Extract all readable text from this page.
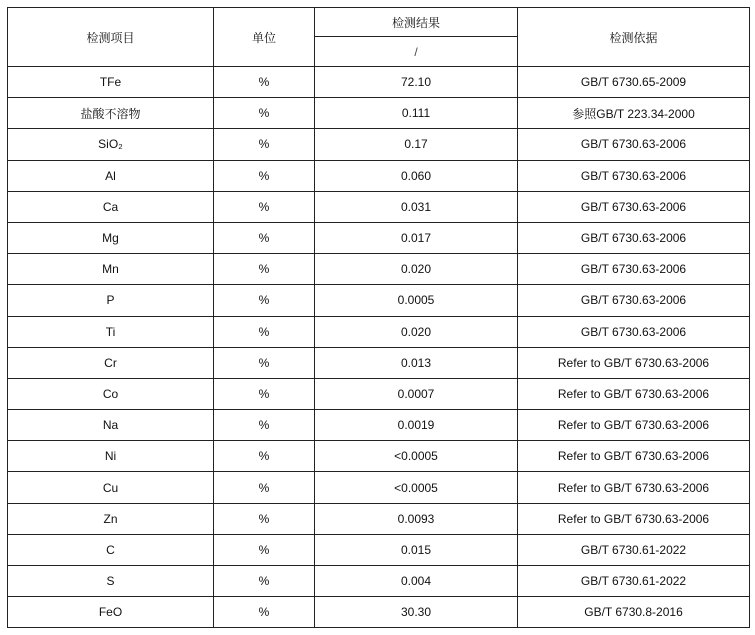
检测项目	单位	检测结果	检测依据
		/	
TFe	%	72.10	GB/T 6730.65-2009
盐酸不溶物	%	0.111	参照GB/T 223.34-2000
SiO₂	%	0.17	GB/T 6730.63-2006
Al	%	0.060	GB/T 6730.63-2006
Ca	%	0.031	GB/T 6730.63-2006
Mg	%	0.017	GB/T 6730.63-2006
Mn	%	0.020	GB/T 6730.63-2006
P	%	0.0005	GB/T 6730.63-2006
Ti	%	0.020	GB/T 6730.63-2006
Cr	%	0.013	Refer to GB/T 6730.63-2006
Co	%	0.0007	Refer to GB/T 6730.63-2006
Na	%	0.0019	Refer to GB/T 6730.63-2006
Ni	%	<0.0005	Refer to GB/T 6730.63-2006
Cu	%	<0.0005	Refer to GB/T 6730.63-2006
Zn	%	0.0093	Refer to GB/T 6730.63-2006
C	%	0.015	GB/T 6730.61-2022
S	%	0.004	GB/T 6730.61-2022
FeO	%	30.30	GB/T 6730.8-2016
